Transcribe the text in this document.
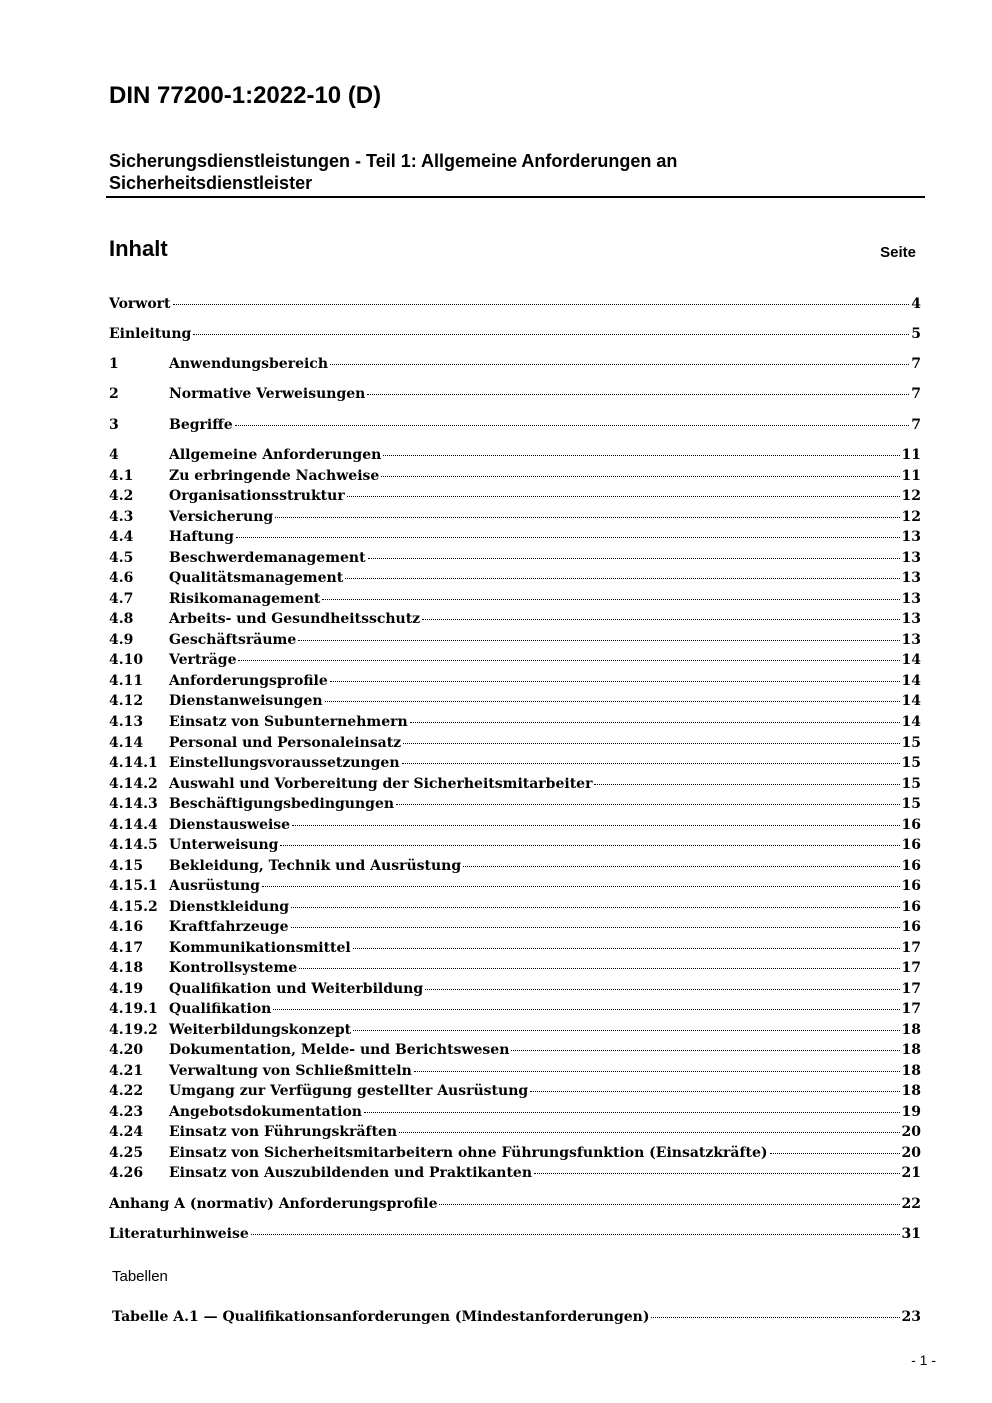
DIN 77200-1:2022-10 (D)
Sicherungsdienstleistungen - Teil 1: Allgemeine Anforderungen an Sicherheitsdienstleister
Inhalt	Seite
Vorwort	4
Einleitung	5
1	Anwendungsbereich	7
2	Normative Verweisungen	7
3	Begriffe	7
4	Allgemeine Anforderungen	11
4.1	Zu erbringende Nachweise	11
4.2	Organisationsstruktur	12
4.3	Versicherung	12
4.4	Haftung	13
4.5	Beschwerdemanagement	13
4.6	Qualitätsmanagement	13
4.7	Risikomanagement	13
4.8	Arbeits- und Gesundheitsschutz	13
4.9	Geschäftsräume	13
4.10	Verträge	14
4.11	Anforderungsprofile	14
4.12	Dienstanweisungen	14
4.13	Einsatz von Subunternehmern	14
4.14	Personal und Personaleinsatz	15
4.14.1 Einstellungsvoraussetzungen	15
4.14.2 Auswahl und Vorbereitung der Sicherheitsmitarbeiter	15
4.14.3 Beschäftigungsbedingungen	15
4.14.4 Dienstausweise	16
4.14.5 Unterweisung	16
4.15	Bekleidung, Technik und Ausrüstung	16
4.15.1 Ausrüstung	16
4.15.2 Dienstkleidung	16
4.16	Kraftfahrzeuge	16
4.17	Kommunikationsmittel	17
4.18	Kontrollsysteme	17
4.19	Qualifikation und Weiterbildung	17
4.19.1 Qualifikation	17
4.19.2 Weiterbildungskonzept	18
4.20	Dokumentation, Melde- und Berichtswesen	18
4.21	Verwaltung von Schließmitteln	18
4.22	Umgang zur Verfügung gestellter Ausrüstung	18
4.23	Angebotsdokumentation	19
4.24	Einsatz von Führungskräften	20
4.25	Einsatz von Sicherheitsmitarbeitern ohne Führungsfunktion (Einsatzkräfte)	20
4.26	Einsatz von Auszubildenden und Praktikanten	21
Anhang A (normativ) Anforderungsprofile	22
Literaturhinweise	31
Tabellen
Tabelle A.1 — Qualifikationsanforderungen (Mindestanforderungen)	23
- 1 -
